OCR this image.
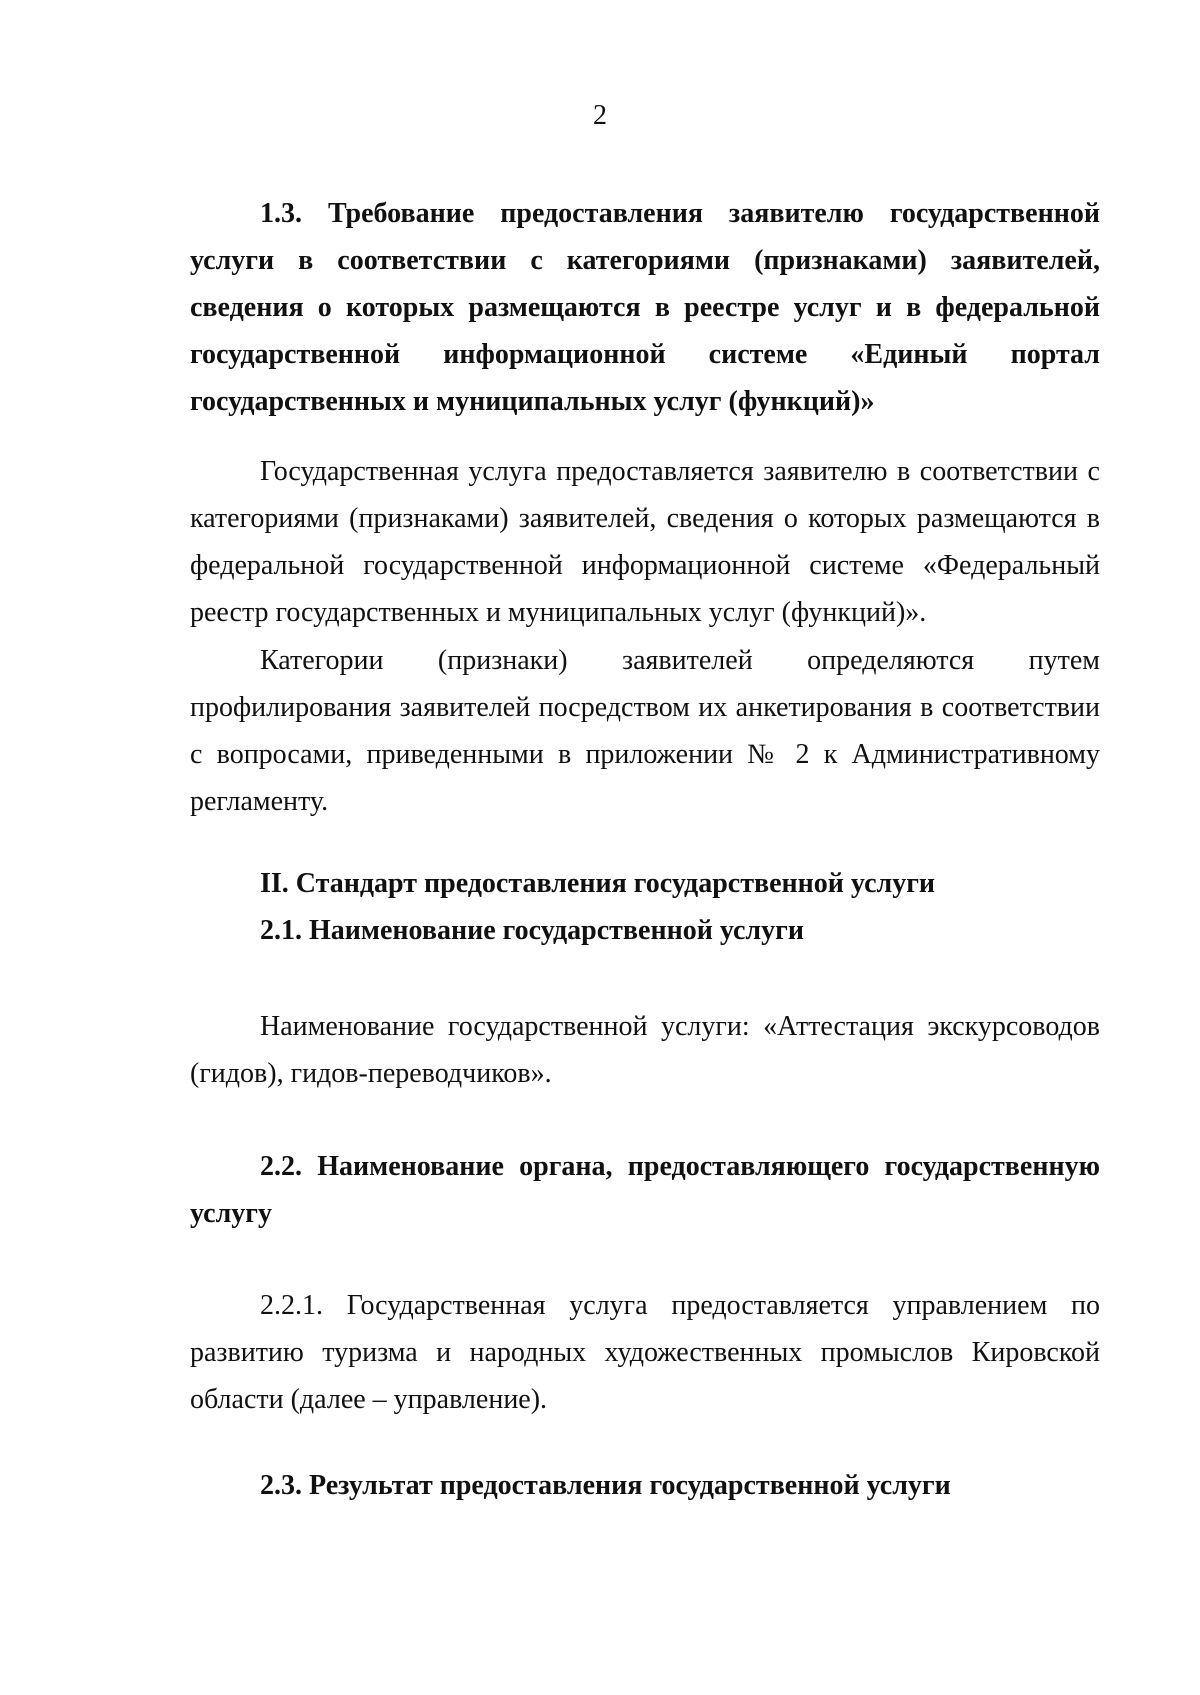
2

1.3. Требование предоставления заявителю государственной услуги в соответствии с категориями (признаками) заявителей, сведения о которых размещаются в реестре услуг и в федеральной государственной информационной системе «Единый портал государственных и муниципальных услуг (функций)»

Государственная услуга предоставляется заявителю в соответствии с категориями (признаками) заявителей, сведения о которых размещаются в федеральной государственной информационной системе «Федеральный реестр государственных и муниципальных услуг (функций)».

Категории (признаки) заявителей определяются путем профилирования заявителей посредством их анкетирования в соответствии с вопросами, приведенными в приложении № 2 к Административному регламенту.

II. Стандарт предоставления государственной услуги

2.1. Наименование государственной услуги

Наименование государственной услуги: «Аттестация экскурсоводов (гидов), гидов-переводчиков».

2.2. Наименование органа, предоставляющего государственную услугу

2.2.1. Государственная услуга предоставляется управлением по развитию туризма и народных художественных промыслов Кировской области (далее – управление).

2.3. Результат предоставления государственной услуги
